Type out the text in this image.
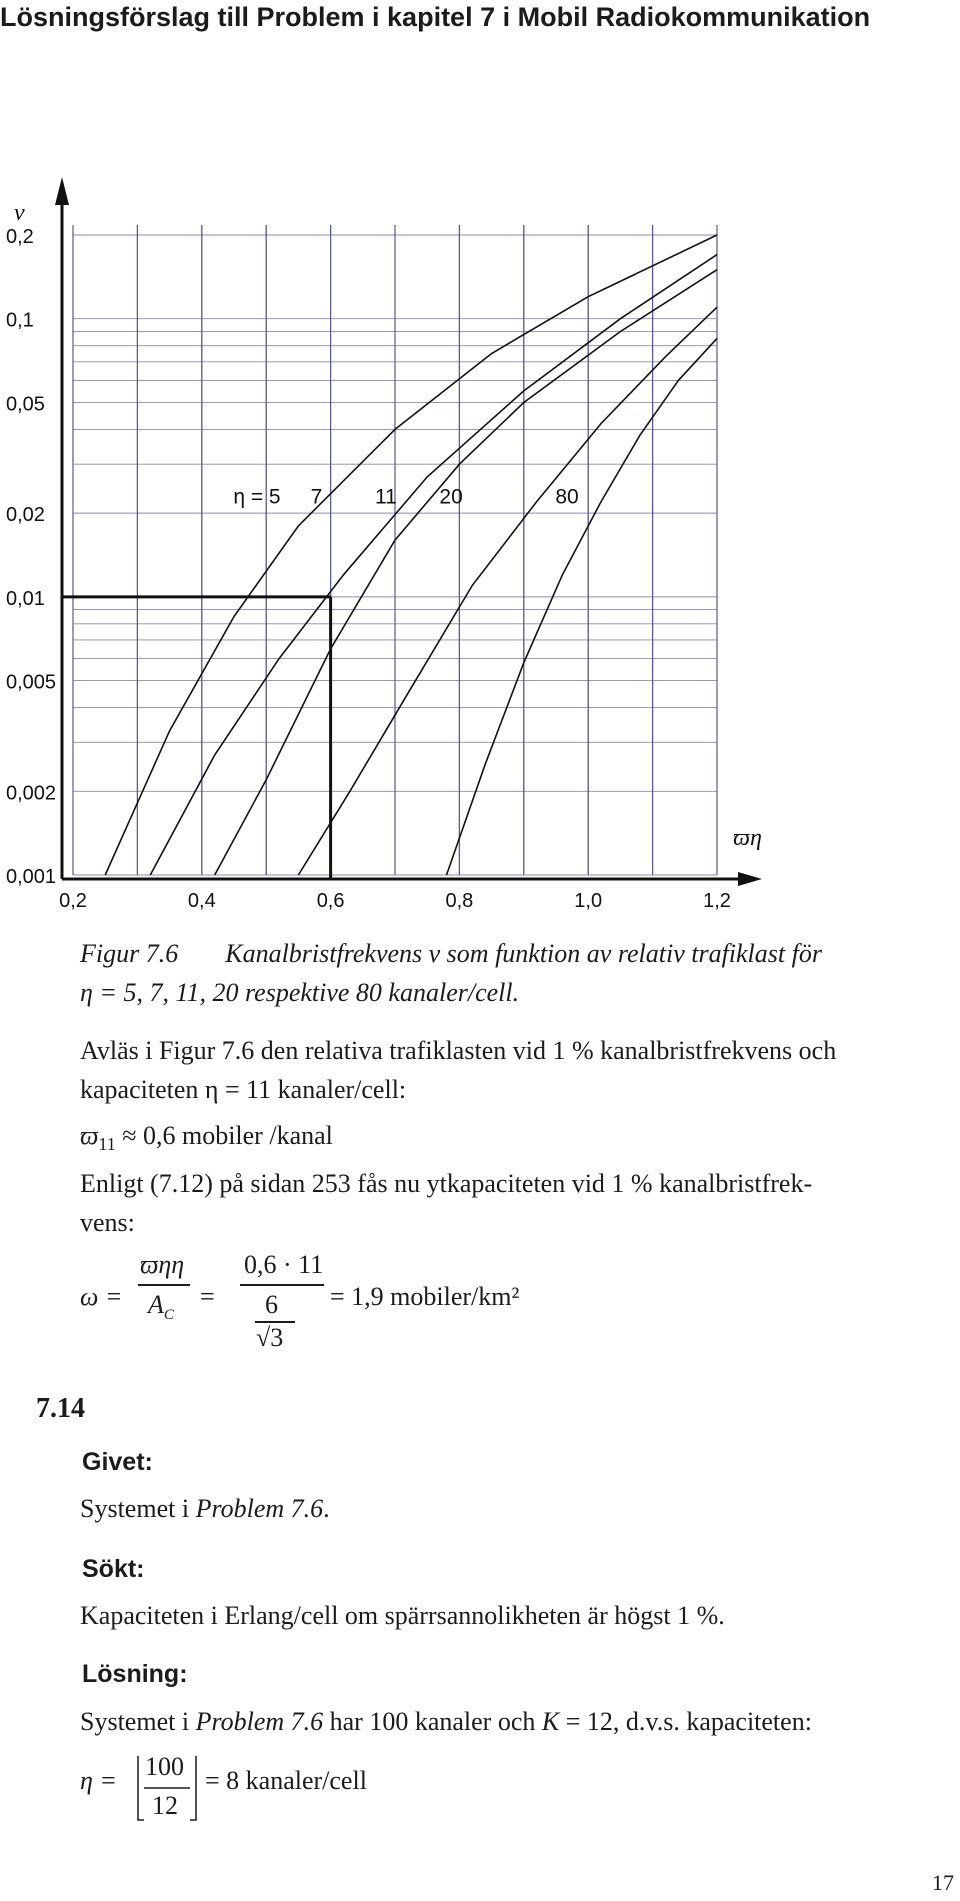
Lösningsförslag till Problem i kapitel 7 i Mobil Radiokommunikation
0,001
0,002
0,005
0,01
0,02
0,05
0,1
0,2
0,2	0,4	0,6	0,8	1,0	1,2
ν
ϖη
η = 5 7	11 20	80
Figur 7.6 Kanalbristfrekvens ν som funktion av relativ trafiklast för
η = 5, 7, 11, 20 respektive 80 kanaler/cell.
Avläs i Figur 7.6 den relativa trafiklasten vid 1 % kanalbristfrekvens och
kapaciteten η = 11 kanaler/cell:
$ϖ_{11} \approx 0,6$ mobiler /kanal
Enligt (7.12) på sidan 253 fås nu ytkapaciteten vid 1 % kanalbristfrek-
vens:
ω =
ϖηη
$A_C$
=
0,6 · 11
6
√3
= 1,9 mobiler/km²
7.14
Givet:
Systemet i Problem 7.6.
Sökt:
Kapaciteten i Erlang/cell om spärrsannolikheten är högst 1 %.
Lösning:
Systemet i Problem 7.6 har 100 kanaler och K = 12, d.v.s. kapaciteten:
η = 100
12
= 8 kanaler/cell
17
